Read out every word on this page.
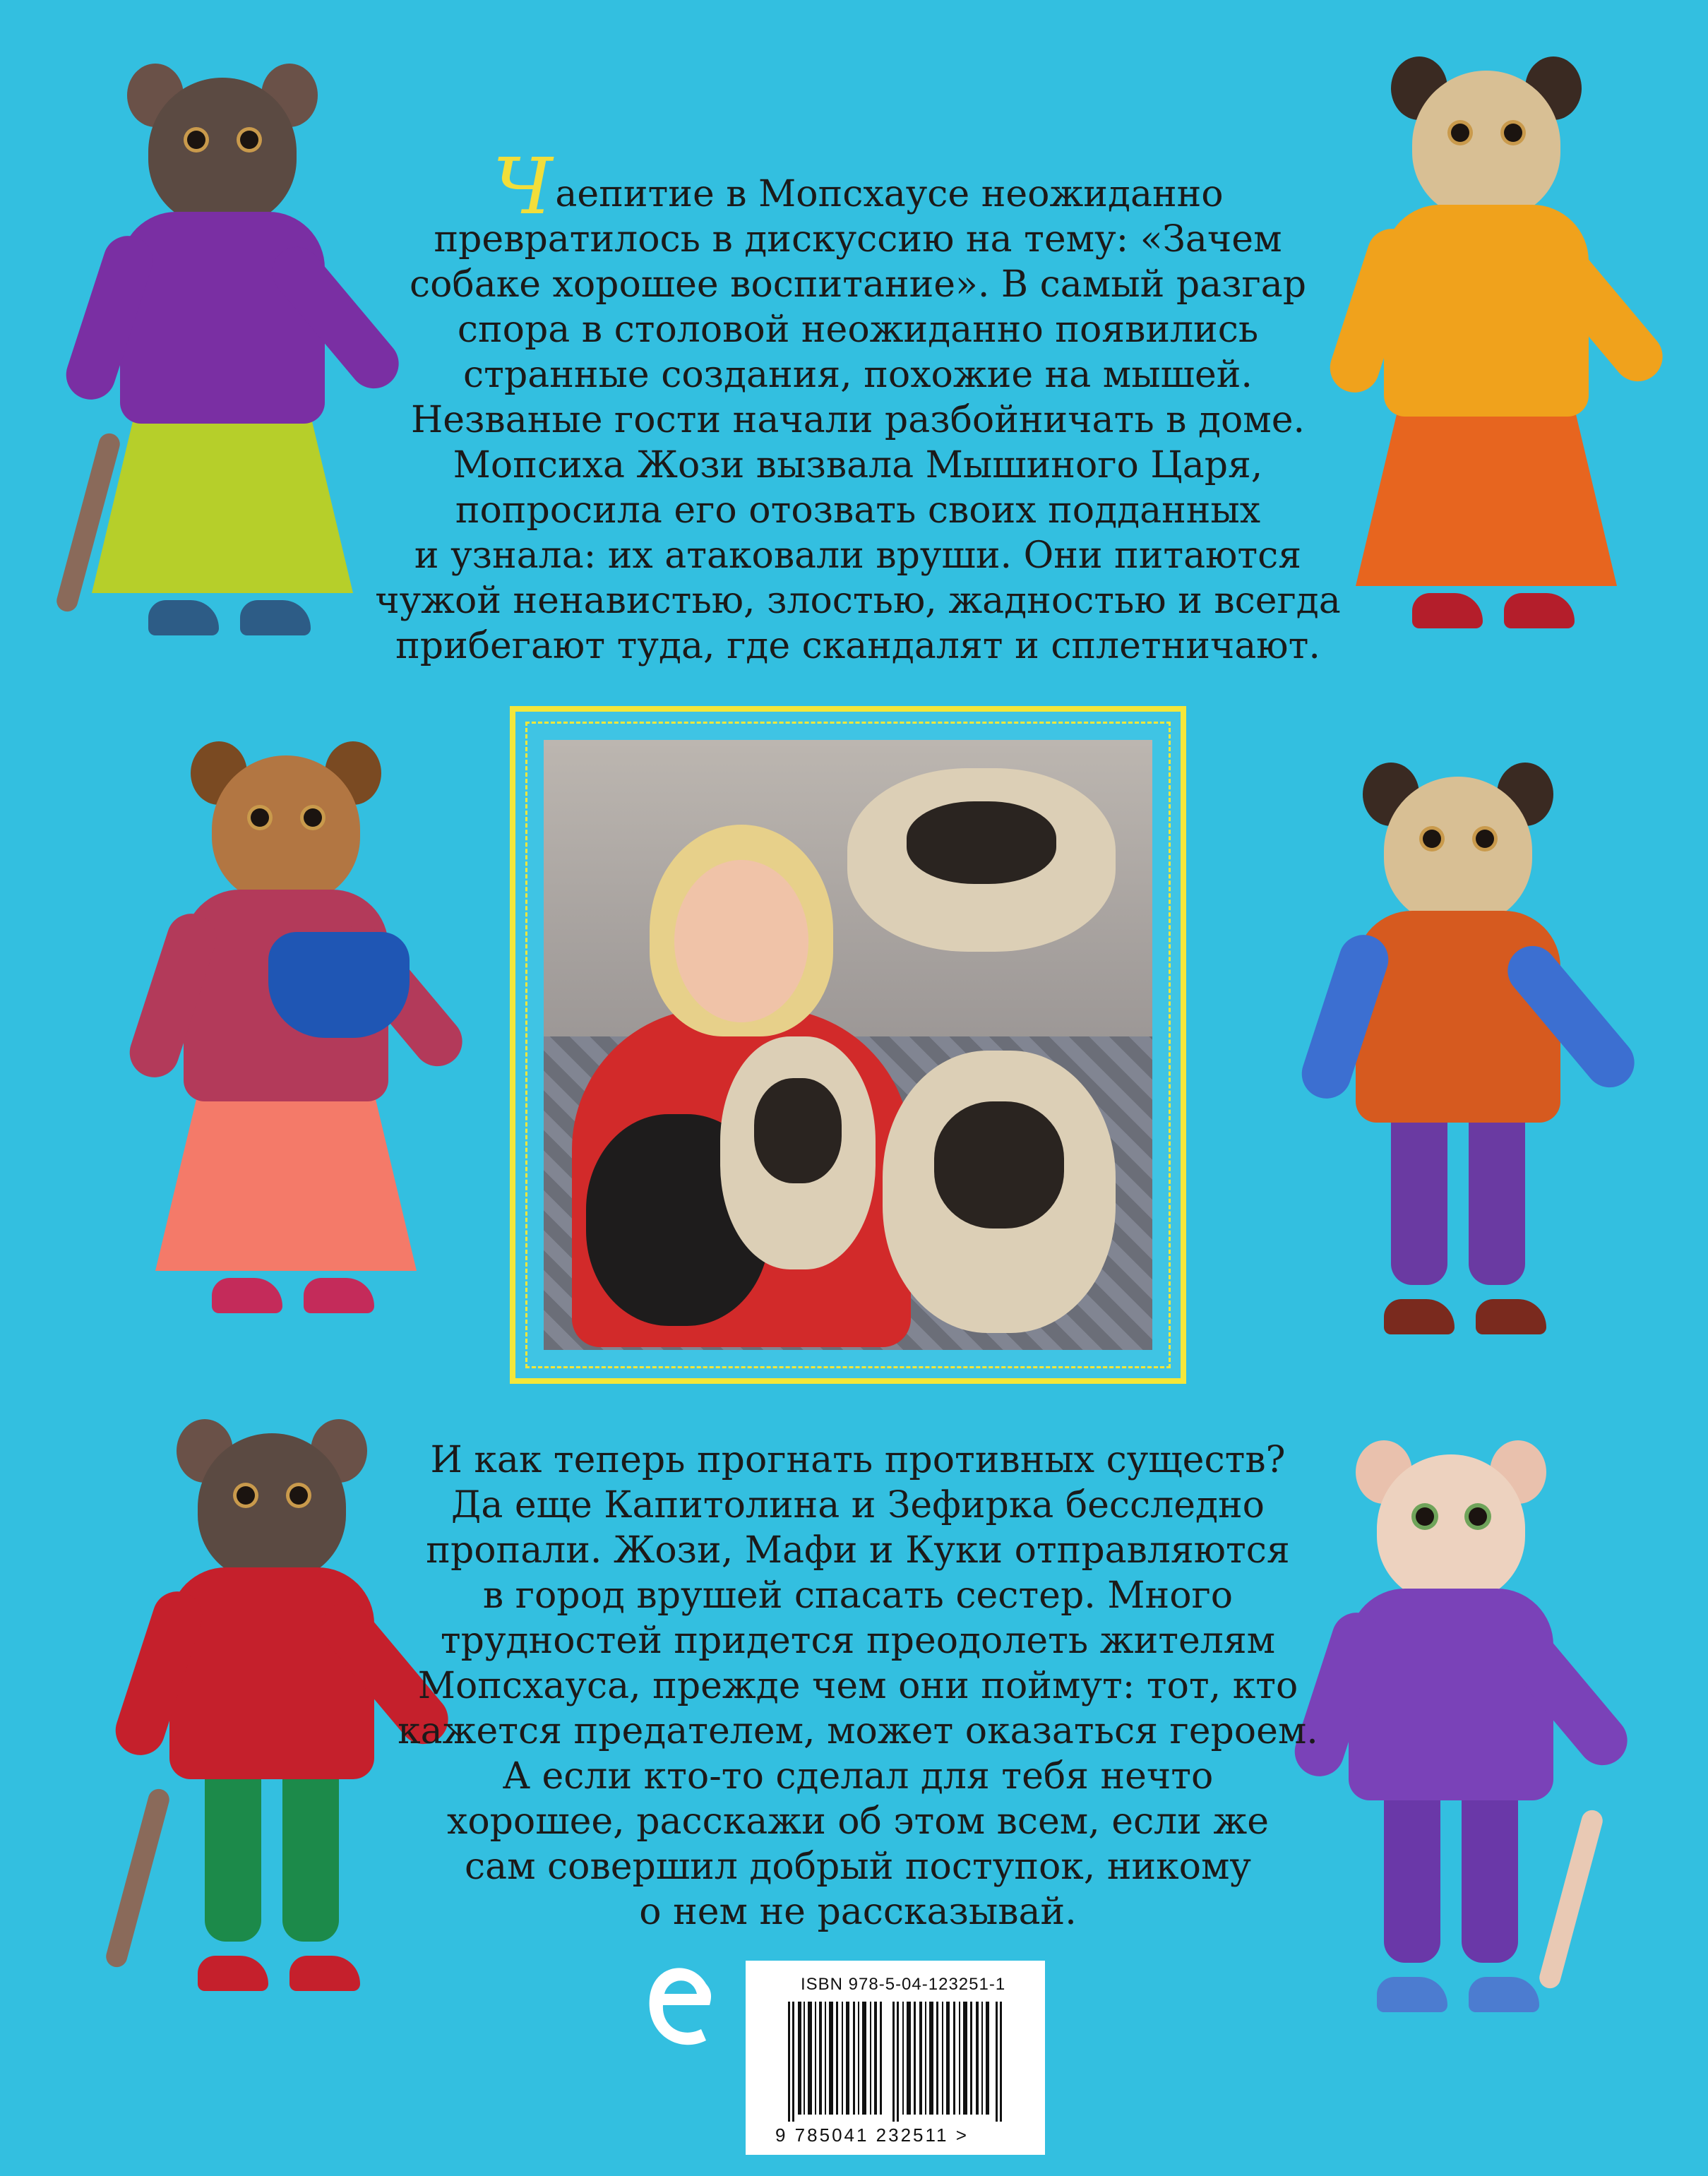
Чаепитие в Мопсхаусе неожиданно
превратилось в дискуссию на тему: «Зачем
собаке хорошее воспитание». В самый разгар
спора в столовой неожиданно появились
странные создания, похожие на мышей.
Незваные гости начали разбойничать в доме.
Мопсиха Жози вызвала Мышиного Царя,
попросила его отозвать своих подданных
и узнала: их атаковали вруши. Они питаются
чужой ненавистью, злостью, жадностью и всегда
прибегают туда, где скандалят и сплетничают.
И как теперь прогнать противных существ?
Да еще Капитолина и Зефирка бесследно
пропали. Жози, Мафи и Куки отправляются
в город врушей спасать сестер. Много
трудностей придется преодолеть жителям
Мопсхауса, прежде чем они поймут: тот, кто
кажется предателем, может оказаться героем.
А если кто-то сделал для тебя нечто
хорошее, расскажи об этом всем, если же
сам совершил добрый поступок, никому
о нем не рассказывай.
ISBN 978-5-04-123251-1
9 785041 232511 >
